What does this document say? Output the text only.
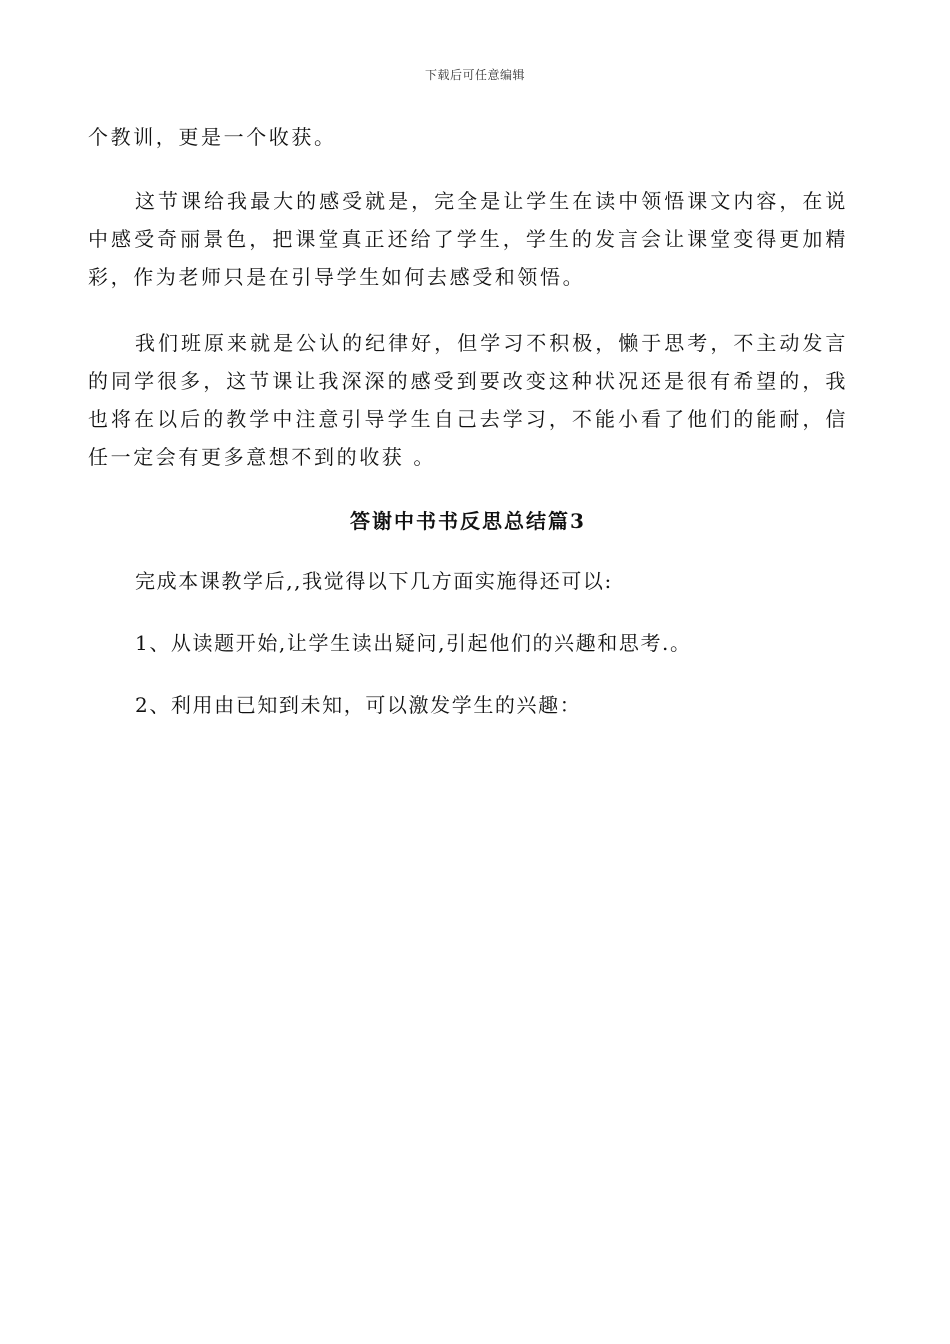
下载后可任意编辑

个教训，更是一个收获。

这节课给我最大的感受就是，完全是让学生在读中领悟课文内容，在说中感受奇丽景色，把课堂真正还给了学生，学生的发言会让课堂变得更加精彩，作为老师只是在引导学生如何去感受和领悟。

我们班原来就是公认的纪律好，但学习不积极，懒于思考，不主动发言的同学很多，这节课让我深深的感受到要改变这种状况还是很有希望的，我也将在以后的教学中注意引导学生自己去学习，不能小看了他们的能耐，信任一定会有更多意想不到的收获 。

答谢中书书反思总结篇3

完成本课教学后,,我觉得以下几方面实施得还可以:

1、从读题开始,让学生读出疑问,引起他们的兴趣和思考.。

2、利用由已知到未知，可以激发学生的兴趣：
